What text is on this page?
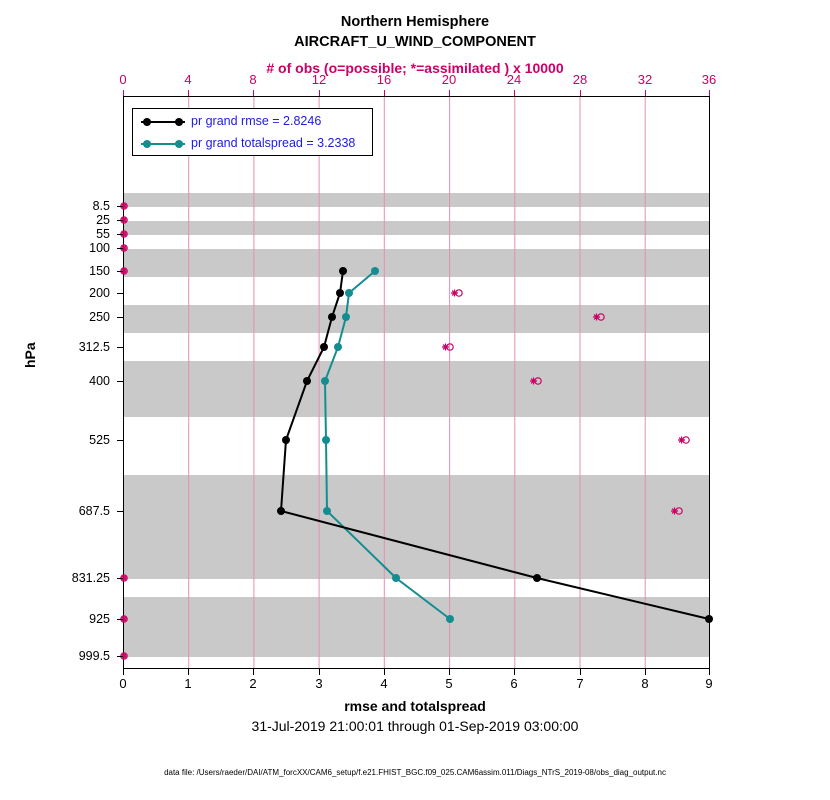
Northern Hemisphere
AIRCRAFT_U_WIND_COMPONENT
# of obs (o=possible; *=assimilated ) x 10000
8.5
25
55
100
150
200
250
312.5
400
525
687.5
831.25
925
999.5
hPa
0	1	2	3	4	5	6	7	8	9
0	4	8	12	16	20	24	28	32	36
pr grand rmse = 2.8246
pr grand totalspread = 3.2338
rmse and totalspread
31-Jul-2019 21:00:01 through 01-Sep-2019 03:00:00
data file: /Users/raeder/DAI/ATM_forcXX/CAM6_setup/f.e21.FHIST_BGC.f09_025.CAM6assim.011/Diags_NTrS_2019-08/obs_diag_output.nc
